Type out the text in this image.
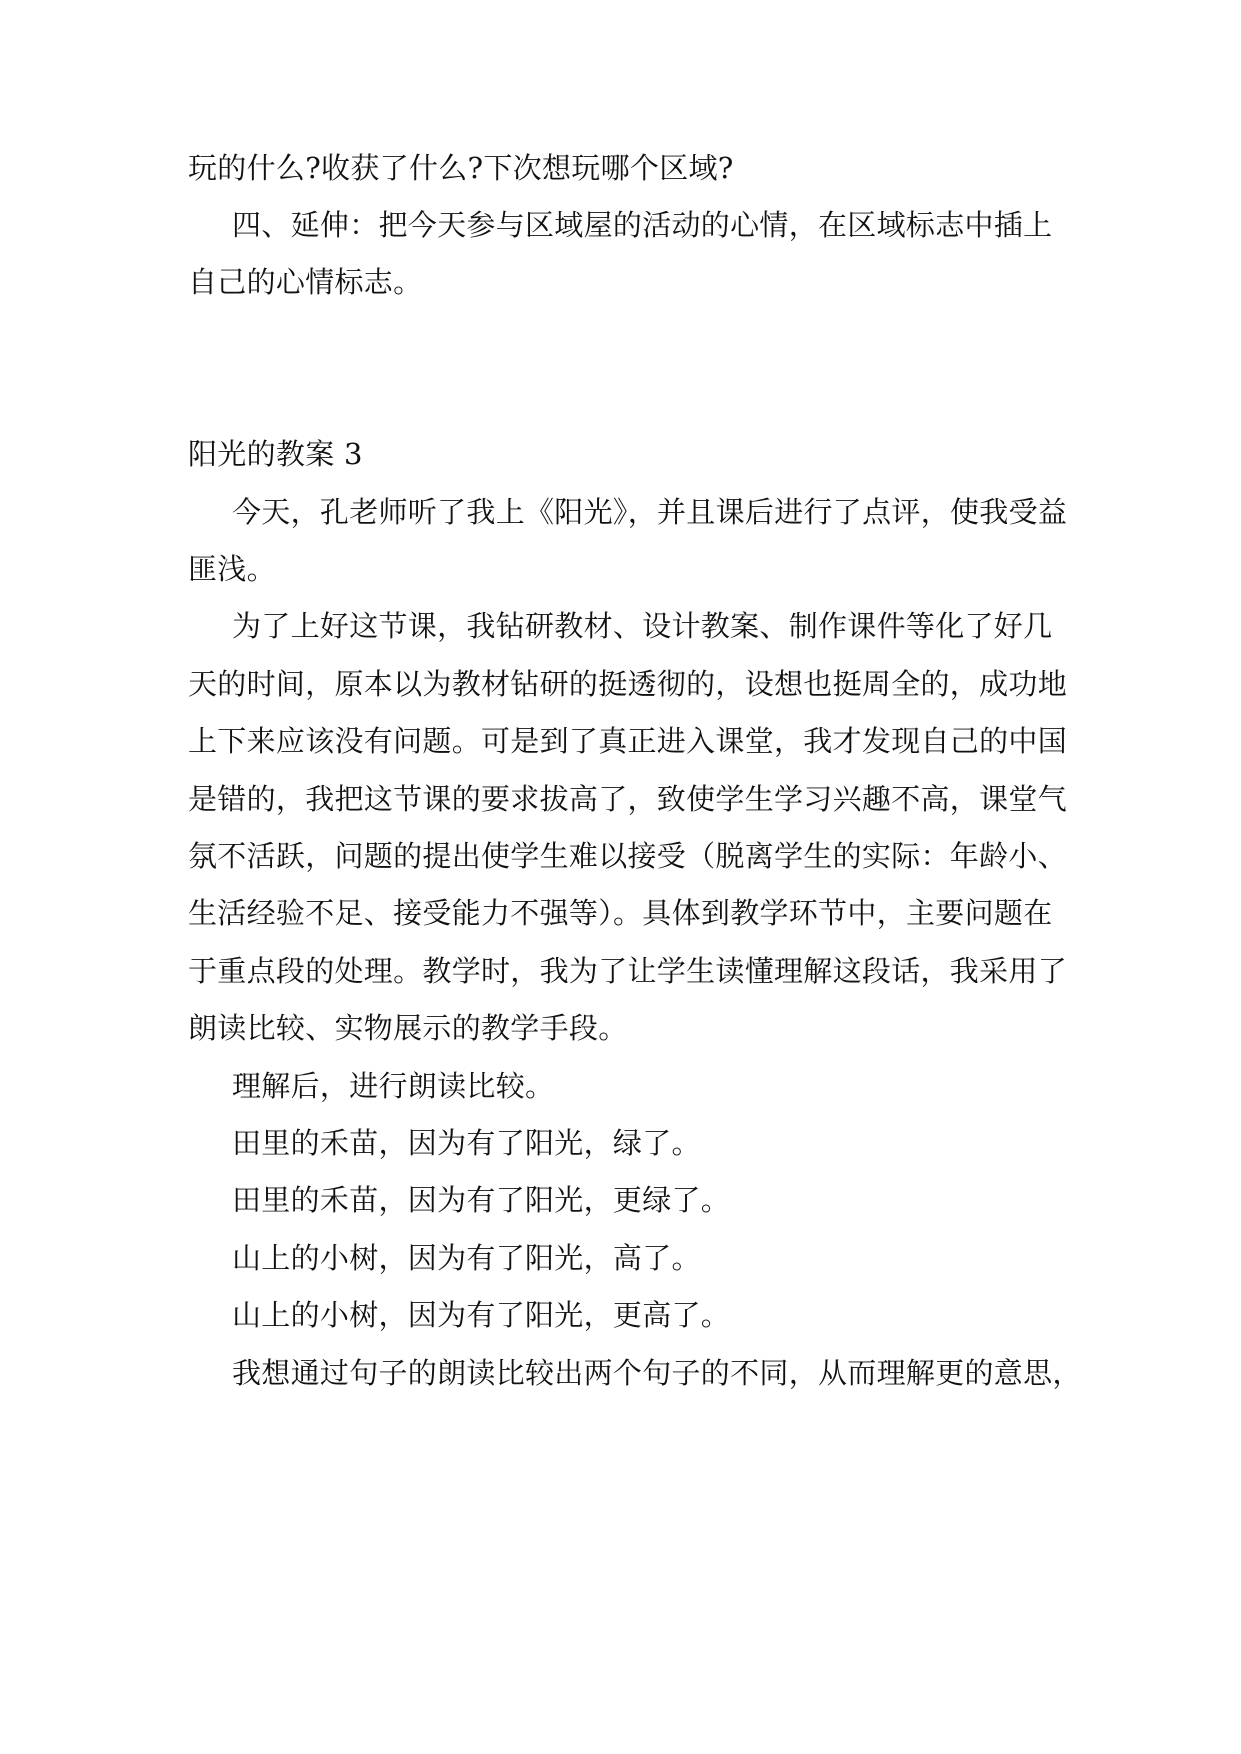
玩的什么?收获了什么?下次想玩哪个区域?
四、延伸：把今天参与区域屋的活动的心情，在区域标志中插上
自己的心情标志。
阳光的教案 3
今天，孔老师听了我上《阳光》，并且课后进行了点评，使我受益
匪浅。
为了上好这节课，我钻研教材、设计教案、制作课件等化了好几
天的时间，原本以为教材钻研的挺透彻的，设想也挺周全的，成功地
上下来应该没有问题。可是到了真正进入课堂，我才发现自己的中国
是错的，我把这节课的要求拔高了，致使学生学习兴趣不高，课堂气
氛不活跃，问题的提出使学生难以接受（脱离学生的实际：年龄小、
生活经验不足、接受能力不强等）。具体到教学环节中，主要问题在
于重点段的处理。教学时，我为了让学生读懂理解这段话，我采用了
朗读比较、实物展示的教学手段。
理解后，进行朗读比较。
田里的禾苗，因为有了阳光，绿了。
田里的禾苗，因为有了阳光，更绿了。
山上的小树，因为有了阳光，高了。
山上的小树，因为有了阳光，更高了。
我想通过句子的朗读比较出两个句子的不同，从而理解更的意思，
